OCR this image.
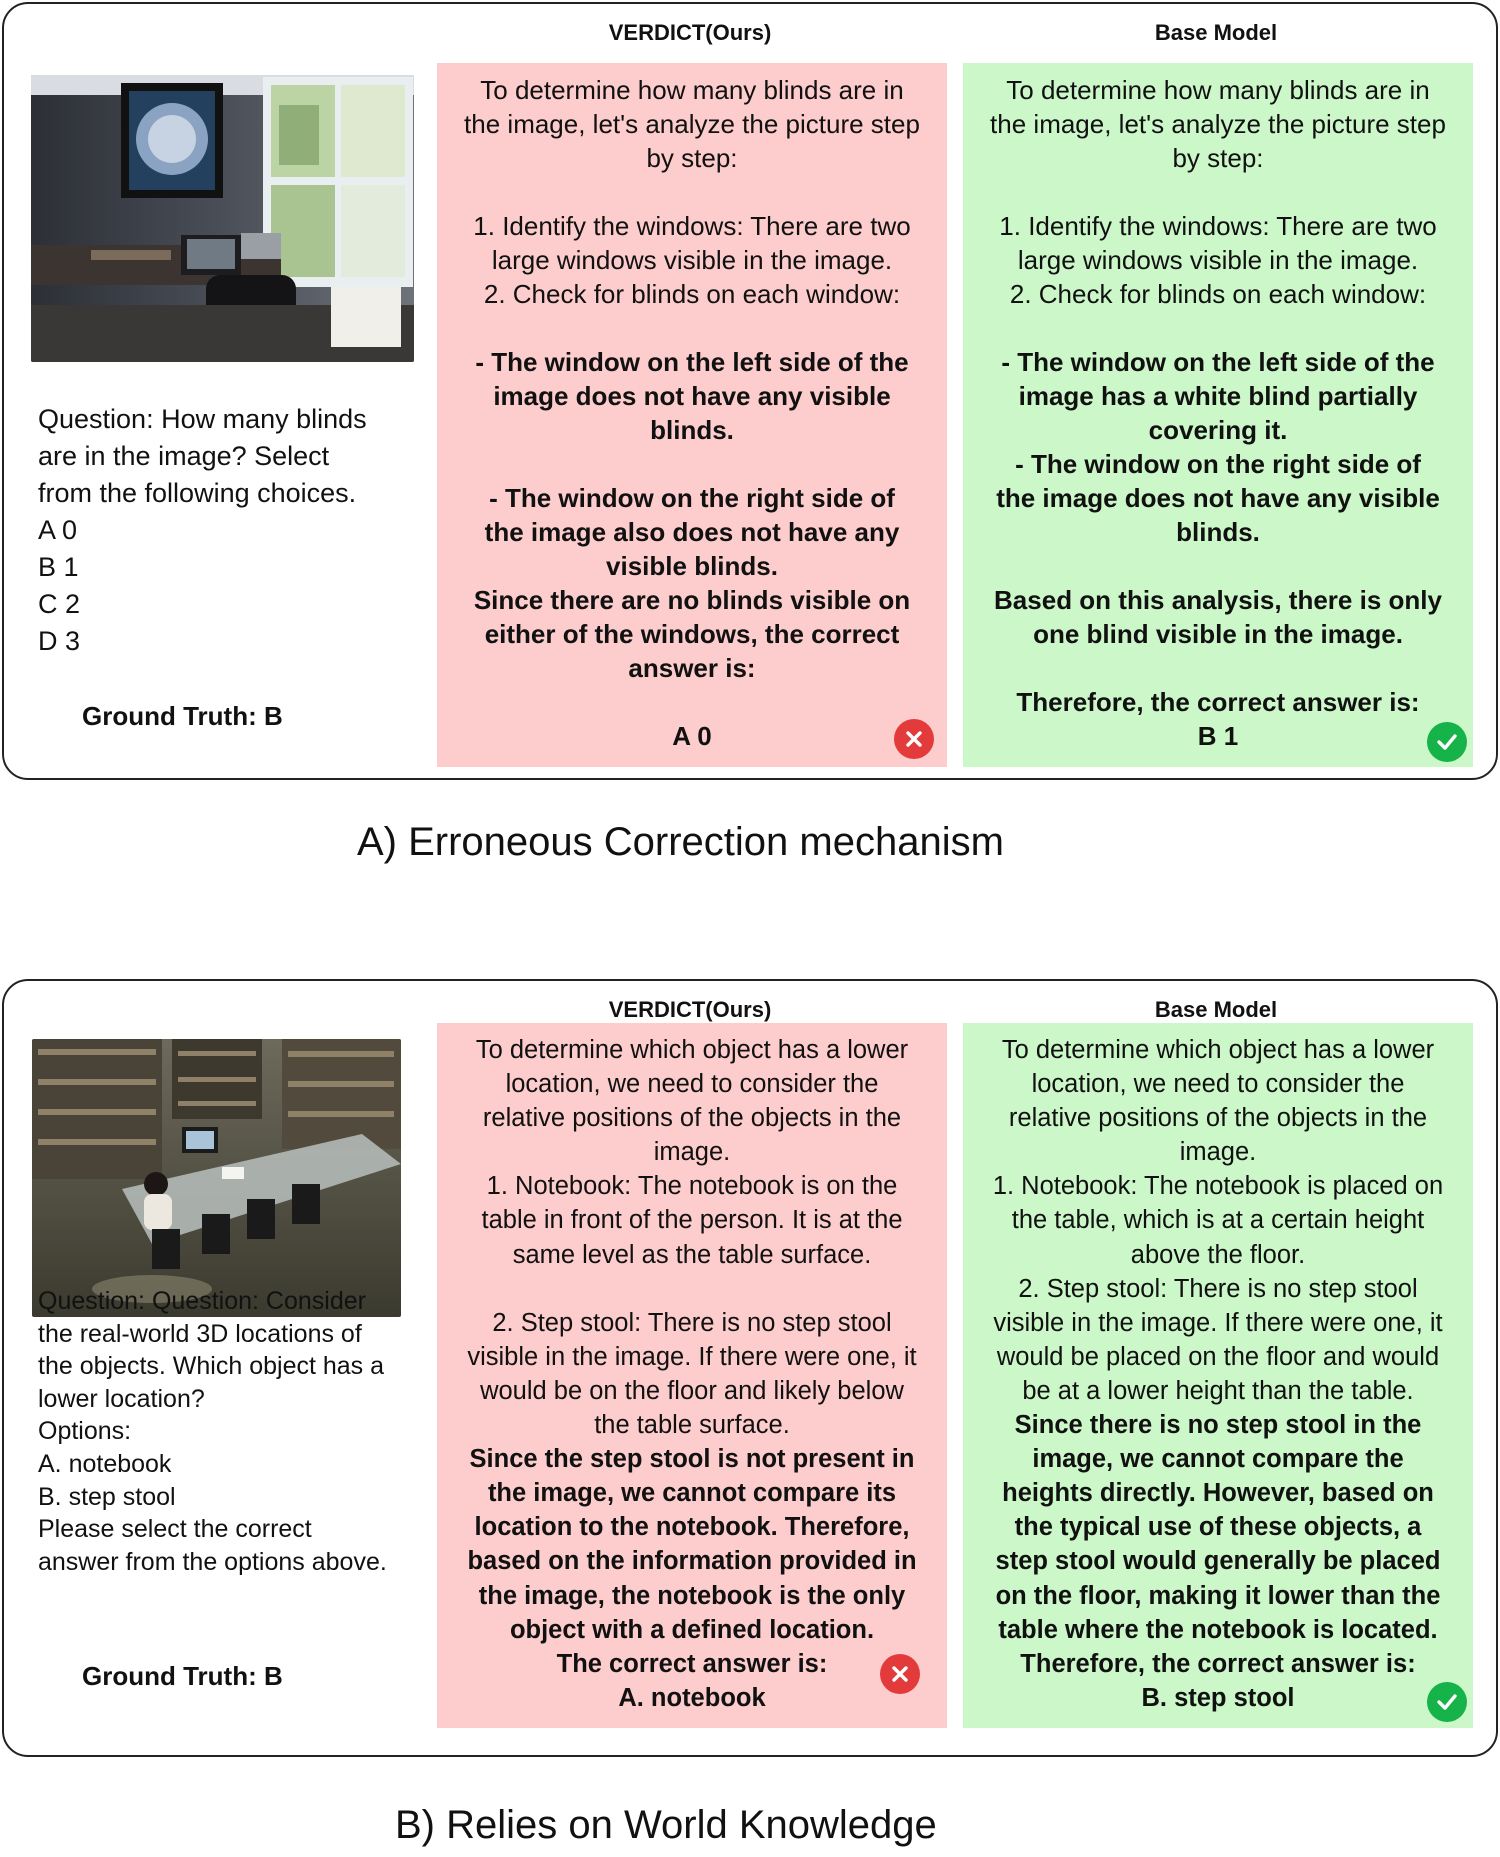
VERDICT(Ours)	Base Model
Question: How many blinds
are in the image? Select
from the following choices.
A 0
B 1
C 2
D 3
Ground Truth: B
To determine how many blinds are in
the image, let's analyze the picture step
by step:
1. Identify the windows: There are two
large windows visible in the image.
2. Check for blinds on each window:
- The window on the left side of the
image does not have any visible
blinds.
- The window on the right side of
the image also does not have any
visible blinds.
Since there are no blinds visible on
either of the windows, the correct
answer is:
A 0
To determine how many blinds are in
the image, let's analyze the picture step
by step:
1. Identify the windows: There are two
large windows visible in the image.
2. Check for blinds on each window:
- The window on the left side of the
image has a white blind partially
covering it.
- The window on the right side of
the image does not have any visible
blinds.
Based on this analysis, there is only
one blind visible in the image.
Therefore, the correct answer is:
B 1
A) Erroneous Correction mechanism
VERDICT(Ours)	Base Model
Question: Question: Consider
the real-world 3D locations of
the objects. Which object has a
lower location?
Options:
A. notebook
B. step stool
Please select the correct
answer from the options above.
Ground Truth: B
To determine which object has a lower
location, we need to consider the
relative positions of the objects in the
image.
1. Notebook: The notebook is on the
table in front of the person. It is at the
same level as the table surface.
2. Step stool: There is no step stool
visible in the image. If there were one, it
would be on the floor and likely below
the table surface.
Since the step stool is not present in
the image, we cannot compare its
location to the notebook. Therefore,
based on the information provided in
the image, the notebook is the only
object with a defined location.
The correct answer is:
A. notebook
To determine which object has a lower
location, we need to consider the
relative positions of the objects in the
image.
1. Notebook: The notebook is placed on
the table, which is at a certain height
above the floor.
2. Step stool: There is no step stool
visible in the image. If there were one, it
would be placed on the floor and would
be at a lower height than the table.
Since there is no step stool in the
image, we cannot compare the
heights directly. However, based on
the typical use of these objects, a
step stool would generally be placed
on the floor, making it lower than the
table where the notebook is located.
Therefore, the correct answer is:
B. step stool
B) Relies on World Knowledge
